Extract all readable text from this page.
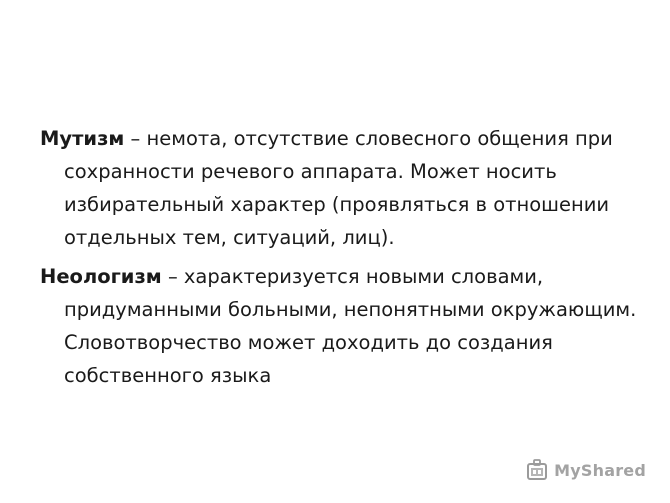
Мутизм – немота, отсутствие словесного общения при сохранности речевого аппарата. Может носить избирательный характер (проявляться в отношении отдельных тем, ситуаций, лиц).

Неологизм – характеризуется новыми словами, придуманными больными, непонятными окружающим. Словотворчество может доходить до создания собственного языка

MyShared
